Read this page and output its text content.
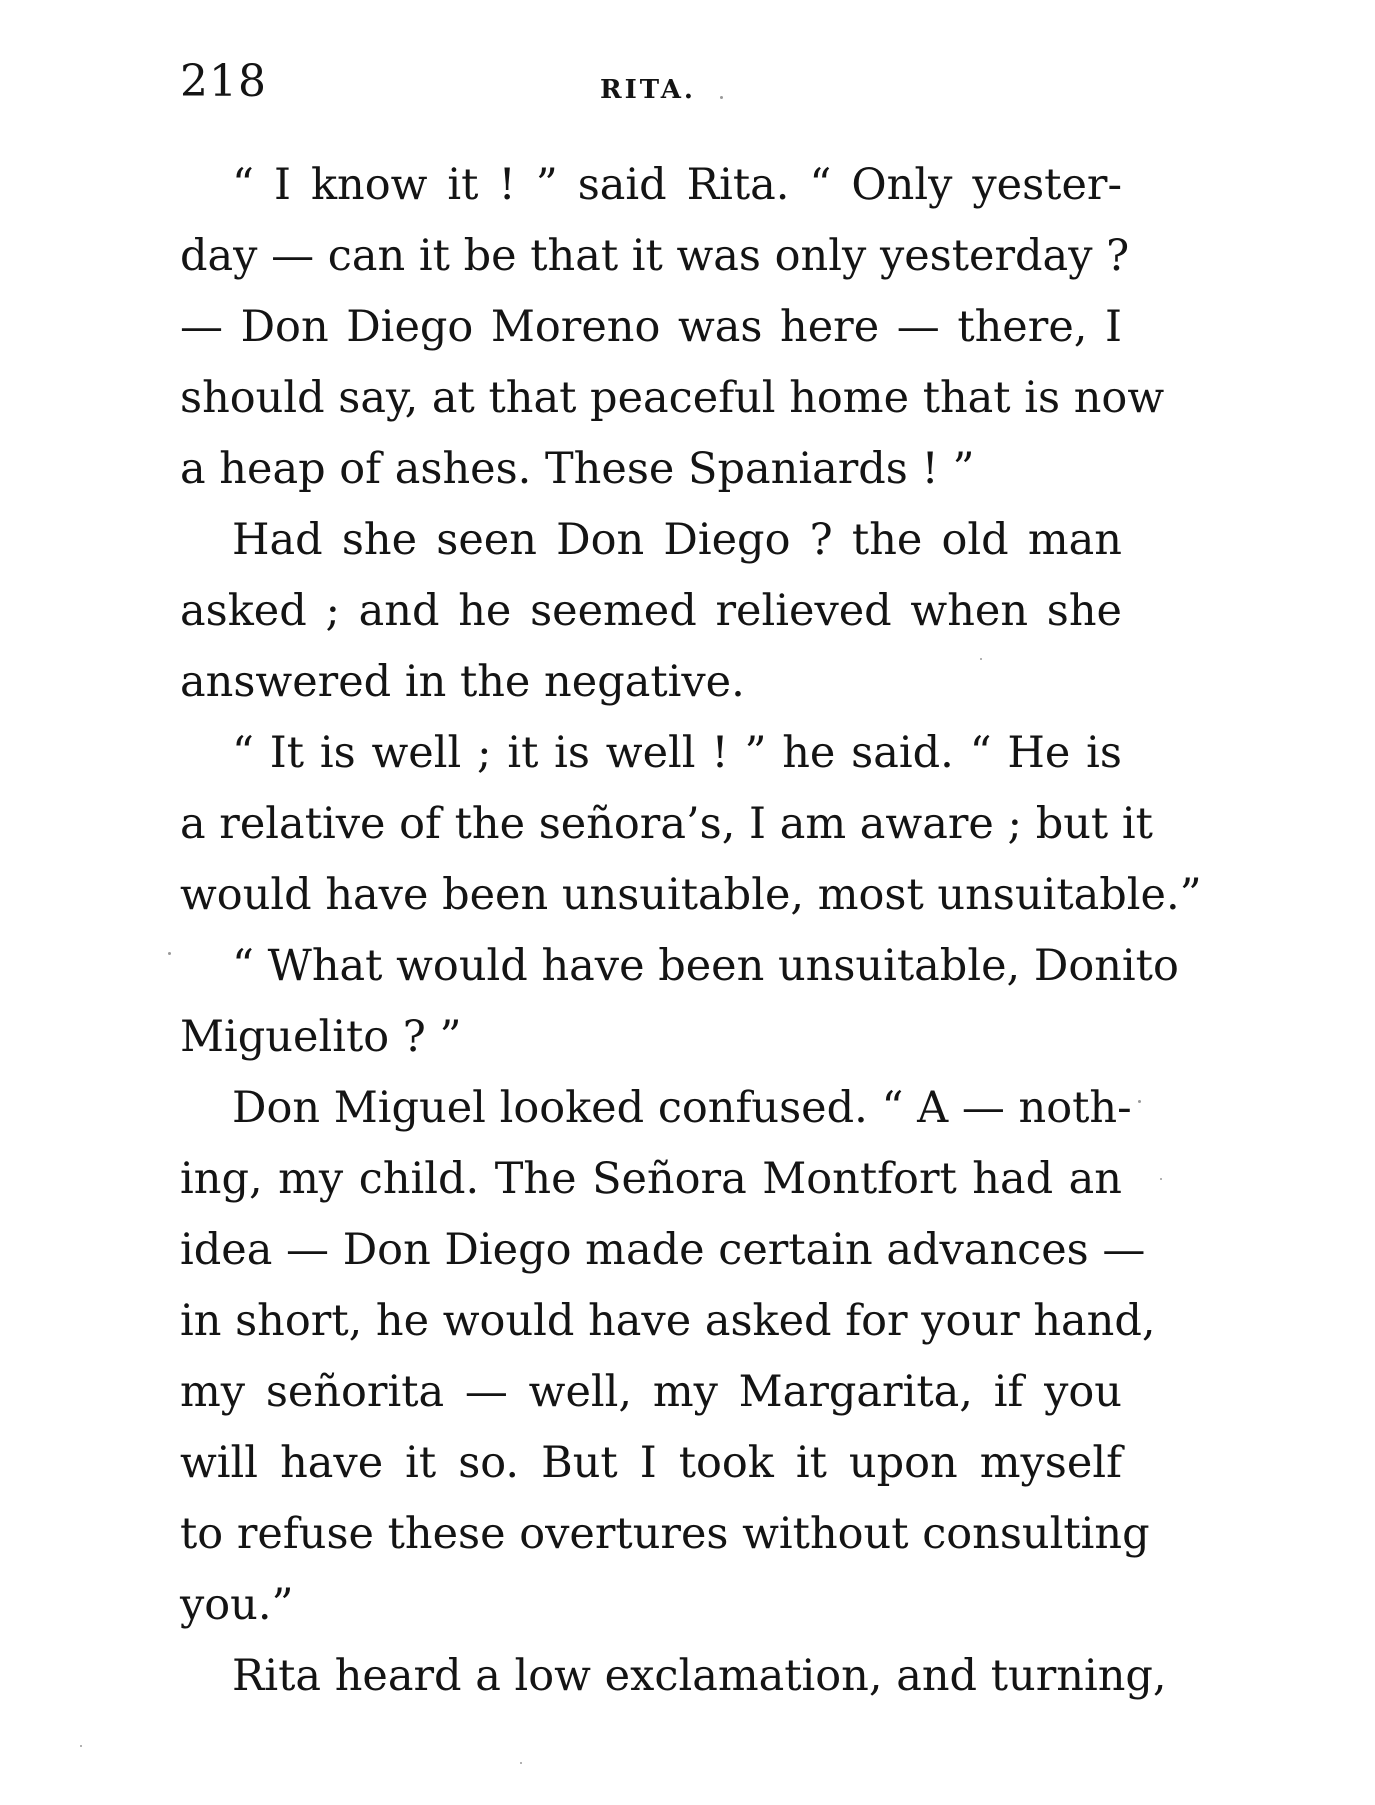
218	RITA.
“ I know it ! ” said Rita. “ Only yester-
day — can it be that it was only yesterday ?
— Don Diego Moreno was here — there, I
should say, at that peaceful home that is now
a heap of ashes. These Spaniards ! ”
Had she seen Don Diego ? the old man
asked ; and he seemed relieved when she
answered in the negative.
“ It is well ; it is well ! ” he said. “ He is
a relative of the señora’s, I am aware ; but it
would have been unsuitable, most unsuitable.”
“ What would have been unsuitable, Donito
Miguelito ? ”
Don Miguel looked confused. “ A — noth-
ing, my child. The Señora Montfort had an
idea — Don Diego made certain advances —
in short, he would have asked for your hand,
my señorita — well, my Margarita, if you
will have it so. But I took it upon myself
to refuse these overtures without consulting
you.”
Rita heard a low exclamation, and turning,
